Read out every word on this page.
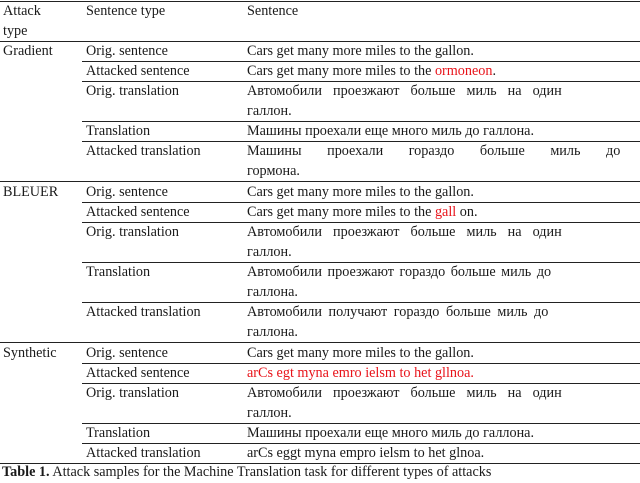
Attack
type
Sentence type	Sentence
Gradient Orig. sentence	Cars get many more miles to the gallon.
Attacked sentence	Cars get many more miles to the ormoneon.
Orig. translation	Автомобили проезжают больше миль на один
галлон.
Translation	Машины проехали еще много миль до галлона.
Attacked translation	Машины проехали гораздо больше миль до
гормона.
BLEUER Orig. sentence	Cars get many more miles to the gallon.
Attacked sentence	Cars get many more miles to the gall on.
Orig. translation	Автомобили проезжают больше миль на один
галлон.
Translation	Автомобили проезжают гораздо больше миль до
галлона.
Attacked translation	Автомобили получают гораздо больше миль до
галлона.
Synthetic Orig. sentence	Cars get many more miles to the gallon.
Attacked sentence	arCs egt myna emro ielsm to het gllnoa.
Orig. translation	Автомобили проезжают больше миль на один
галлон.
Translation	Машины проехали еще много миль до галлона.
Attacked translation	arCs eggt myna empro ielsm to het glnoa.
Table 1. Attack samples for the Machine Translation task for different types of attacks
